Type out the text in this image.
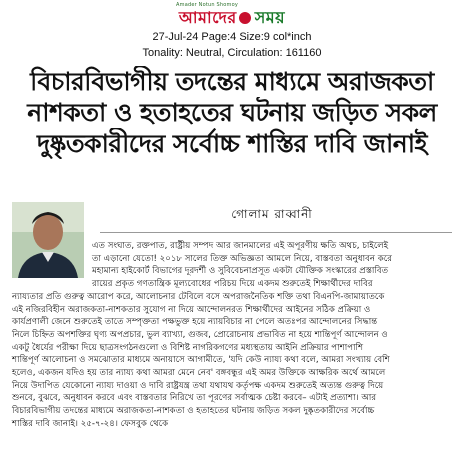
Amader Notun Shomoy
আমাদের সময়
27-Jul-24 Page:4 Size:9 col*inch
Tonality: Neutral, Circulation: 161160
বিচারবিভাগীয় তদন্তের মাধ্যমে অরাজকতা
নাশকতা ও হতাহতের ঘটনায় জড়িত সকল
দুষ্কৃতকারীদের সর্বোচ্চ শাস্তির দাবি জানাই
গোলাম রাব্বানী
এত সংঘাত, রক্তপাত, রাষ্ট্রীয় সম্পদ আর জানমালের এই অপূরণীয় ক্ষতি অথচ, চাইলেই
তা এড়ানো যেতো! ২০১৮ সালের তিক্ত অভিজ্ঞতা আমলে নিয়ে, বাস্তবতা অনুধাবন করে
মহামান্য হাইকোর্ট বিভাগের দূরদর্শী ও সুবিবেচনাপ্রসূত একটা যৌক্তিক সংস্কারের প্রস্তাবিত
রায়ের প্রকৃত গণতান্ত্রিক মূল্যবোধের পরিচয় দিয়ে একদম শুরুতেই শিক্ষার্থীদের দাবির
ন্যায্যতার প্রতি গুরুত্ব আরোপ করে, আলোচনার টেবিলে বসে অপরাজনৈতিক শক্তি তথা বিএনপি-জামায়াতকে
এই নজিরবিহীন অরাজকতা-নাশকতার সুযোগ না দিয়ে আন্দোলনরত শিক্ষার্থীদের আইনের সঠিক প্রক্রিয়া ও
কার্যপ্রণালী জেনে শুরুতেই তাতে সম্পৃক্ততা পক্ষভুক্ত হয়ে ন্যায়বিচার না পেলে অতঃপর আন্দোলনের সিদ্ধান্ত
নিলে চিহ্নিত অপশক্তির ঘৃণ্য অপপ্রচার, ভুল ব্যাখ্যা, গুজব, প্রোরোচনায় প্রভাবিত না হয়ে শান্তিপূর্ণ আন্দোলন ও
একটু ধৈর্যের পরীক্ষা দিয়ে ছাত্রসংগঠনগুলো ও বিশিষ্ট নাগরিকগণের মধ্যস্থতায় আইনি প্রক্রিয়ার পাশাপাশি
শান্তিপূর্ণ আলোচনা ও সমঝোতার মাধ্যমে অনায়াসে আগামীতে, 'যদি কেউ ন্যায্য কথা বলে, আমরা সংখ্যায় বেশি
হলেও, একজন যদিও হয় তার ন্যায্য কথা আমরা মেনে নেব' বঙ্গবন্ধুর এই অমর উক্তিকে আক্ষরিক অর্থে আমলে
নিয়ে উদাপিত যেকোনো ন্যায্য দাওয়া ও দাবি রাষ্ট্রযন্ত্র তথা যথাযথ কর্তৃপক্ষ একদম শুরুতেই অত্যন্ত গুরুত্ব দিয়ে
শুনবে, বুঝবে, অনুধাবন করবে এবং বাস্তবতার নিরিখে তা পূরণের সর্বাত্মক চেষ্টা করবে– এটাই প্রত্যাশা। আর
বিচারবিভাগীয় তদন্তের মাধ্যমে অরাজকতা-নাশকতা ও হতাহতের ঘটনায় জড়িত সকল দুষ্কৃতকারীদের সর্বোচ্চ
শাস্তির দাবি জানাই। ২৫-৭-২৪। ফেসবুক থেকে
